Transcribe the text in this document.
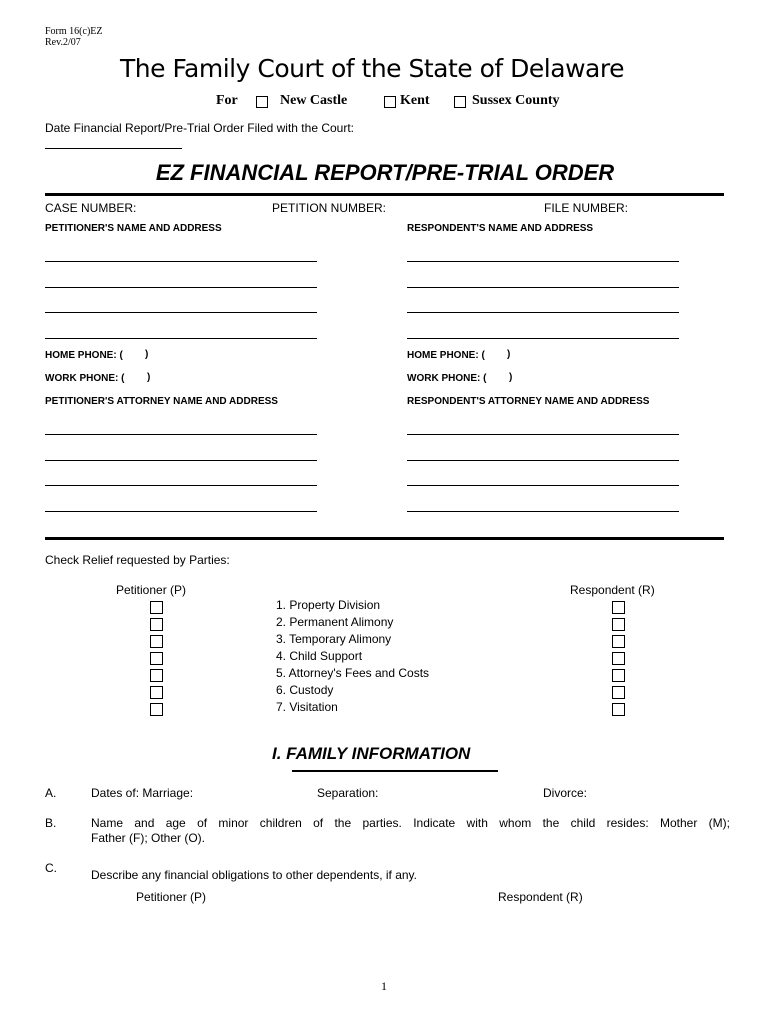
Form 16(c)EZ
Rev.2/07
The Family Court of the State of Delaware
For	New Castle	Kent	Sussex County
Date Financial Report/Pre-Trial Order Filed with the Court:
EZ FINANCIAL REPORT/PRE-TRIAL ORDER
CASE NUMBER:	PETITION NUMBER:	FILE NUMBER:
PETITIONER'S NAME AND ADDRESS	RESPONDENT'S NAME AND ADDRESS
HOME PHONE: ( )
WORK PHONE: ( )
HOME PHONE: ( )
WORK PHONE: ( )
PETITIONER'S ATTORNEY NAME AND ADDRESS	RESPONDENT'S ATTORNEY NAME AND ADDRESS
Check Relief requested by Parties:
Petitioner (P)	Respondent (R)
1. Property Division
2. Permanent Alimony
3. Temporary Alimony
4. Child Support
5. Attorney's Fees and Costs
6. Custody
7. Visitation
I. FAMILY INFORMATION
A.	Dates of: Marriage:	Separation:	Divorce:
B.	Name and age of minor children of the parties. Indicate with whom the child resides: Mother (M);
Father (F); Other (O).
C.	Describe any financial obligations to other dependents, if any.
Petitioner (P)	Respondent (R)
1
